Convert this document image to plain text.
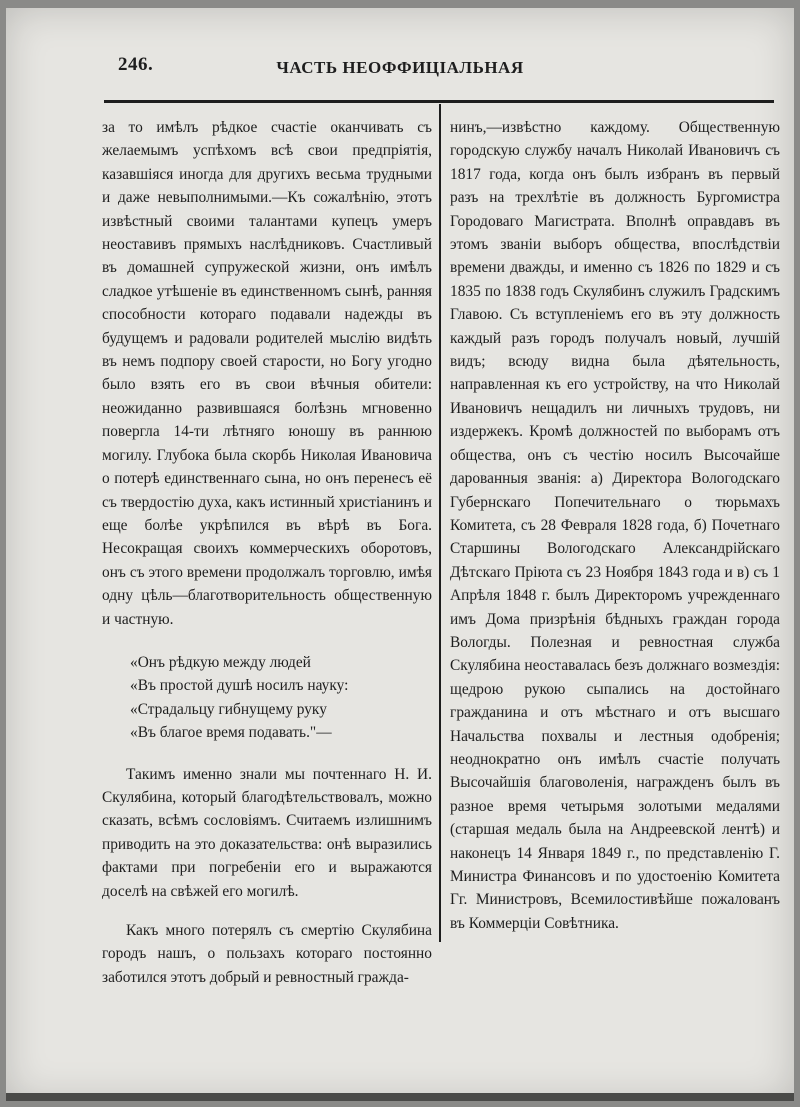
246.	ЧАСТЬ НЕОФФИЦІАЛЬНАЯ

за то имѣлъ рѣдкое счастіе оканчивать съ желаемымъ успѣхомъ всѣ свои предпріятія, казавшіяся иногда для другихъ весьма трудными и даже невыполнимыми.—Къ сожалѣнію, этотъ извѣстный своими талантами купецъ умеръ неоставивъ прямыхъ наслѣдниковъ. Счастливый въ домашней супружеской жизни, онъ имѣлъ сладкое утѣшеніе въ единственномъ сынѣ, ранняя способности котораго подавали надежды въ будущемъ и радовали родителей мыслію видѣть въ немъ подпору своей старости, но Богу угодно было взять его въ свои вѣчныя обители: неожиданно развившаяся болѣзнь мгновенно повергла 14-ти лѣтняго юношу въ раннюю могилу. Глубока была скорбь Николая Ивановича о потерѣ единственнаго сына, но онъ перенесъ её съ твердостію духа, какъ истинный христіанинъ и еще болѣе укрѣпился въ вѣрѣ въ Бога. Несокращая своихъ коммерческихъ оборотовъ, онъ съ этого времени продолжалъ торговлю, имѣя одну цѣль—благотворительность общественную и частную.

«Онъ рѣдкую между людей
«Въ простой душѣ носилъ науку:
«Страдальцу гибнущему руку
«Въ благое время подавать."—

Такимъ именно знали мы почтеннаго Н. И. Скулябина, который благодѣтельствовалъ, можно сказать, всѣмъ сословіямъ. Считаемъ излишнимъ приводить на это доказательства: онѣ выразились фактами при погребеніи его и выражаются доселѣ на свѣжей его могилѣ.

Какъ много потерялъ съ смертію Скулябина городъ нашъ, о пользахъ котораго постоянно заботился этотъ добрый и ревностный гражда-

нинъ,—извѣстно каждому. Общественную городскую службу началъ Николай Ивановичъ съ 1817 года, когда онъ былъ избранъ въ первый разъ на трехлѣтіе въ должность Бургомистра Городоваго Магистрата. Вполнѣ оправдавъ въ этомъ званіи выборъ общества, впослѣдствіи времени дважды, и именно съ 1826 по 1829 и съ 1835 по 1838 годъ Скулябинъ служилъ Градскимъ Главою. Съ вступленіемъ его въ эту должность каждый разъ городъ получалъ новый, лучшій видъ; всюду видна была дѣятельность, направленная къ его устройству, на что Николай Ивановичъ нещадилъ ни личныхъ трудовъ, ни издержекъ. Кромѣ должностей по выборамъ отъ общества, онъ съ честію носилъ Высочайше дарованныя званія: а) Директора Вологодскаго Губернскаго Попечительнаго о тюрьмахъ Комитета, съ 28 Февраля 1828 года, б) Почетнаго Старшины Вологодскаго Александрійскаго Дѣтскаго Пріюта съ 23 Ноября 1843 года и в) съ 1 Апрѣля 1848 г. былъ Директоромъ учрежденнаго имъ Дома призрѣнія бѣдныхъ граждан города Вологды. Полезная и ревностная служба Скулябина неоставалась безъ должнаго возмездія: щедрою рукою сыпались на достойнаго гражданина и отъ мѣстнаго и отъ высшаго Начальства похвалы и лестныя одобренія; неоднократно онъ имѣлъ счастіе получать Высочайшія благоволенія, награжденъ былъ въ разное время четырьмя золотыми медалями (старшая медаль была на Андреевской лентѣ) и наконецъ 14 Января 1849 г., по представленію Г. Министра Финансовъ и по удостоенію Комитета Гг. Министровъ, Всемилостивѣйше пожалованъ въ Коммерціи Совѣтника.
